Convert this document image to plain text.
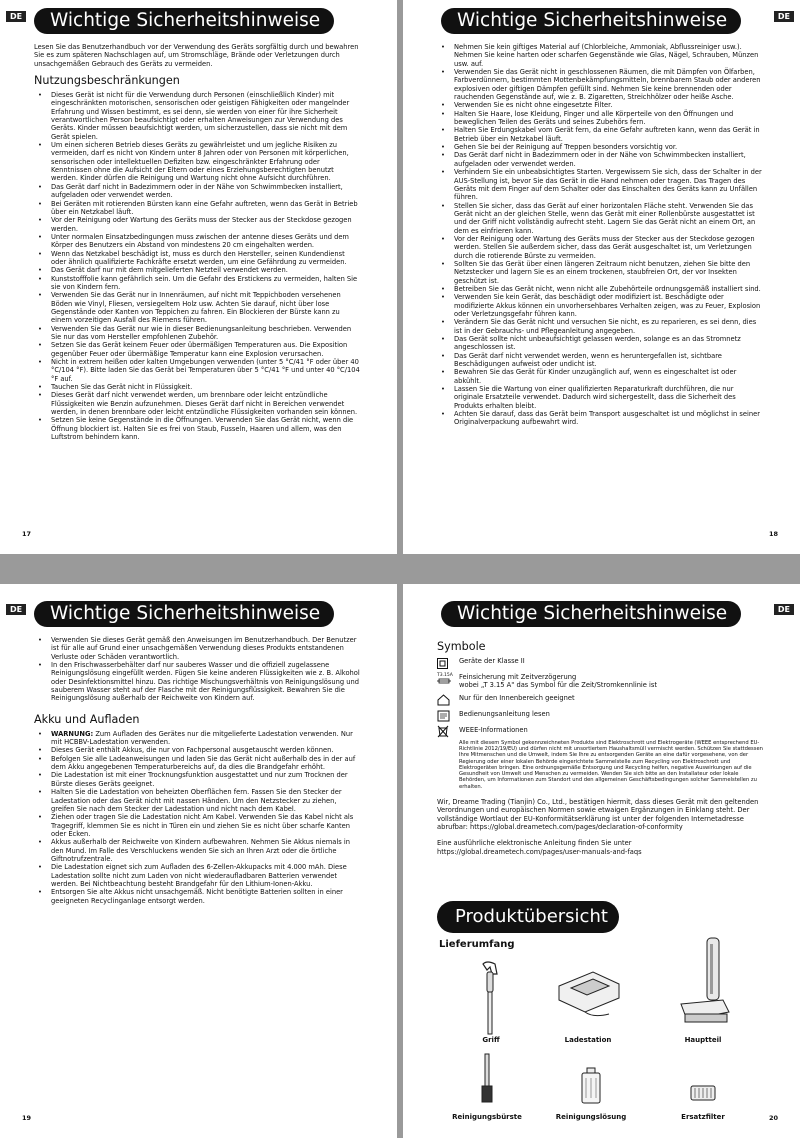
DE	Wichtige Sicherheitshinweise

Lesen Sie das Benutzerhandbuch vor der Verwendung des Geräts sorgfältig durch und bewahren Sie es zum späteren Nachschlagen auf, um Stromschläge, Brände oder Verletzungen durch unsachgemäßen Gebrauch des Geräts zu vermeiden.

Nutzungsbeschränkungen
• Dieses Gerät ist nicht für die Verwendung durch Personen (einschließlich Kinder) mit eingeschränkten motorischen, sensorischen oder geistigen Fähigkeiten oder mangelnder Erfahrung und Wissen bestimmt, es sei denn, sie werden von einer für ihre Sicherheit verantwortlichen Person beaufsichtigt oder erhalten Anweisungen zur Verwendung des Geräts. Kinder müssen beaufsichtigt werden, um sicherzustellen, dass sie nicht mit dem Gerät spielen.
• Um einen sicheren Betrieb dieses Geräts zu gewährleistet und um jegliche Risiken zu vermeiden, darf es nicht von Kindern unter 8 Jahren oder von Personen mit körperlichen, sensorischen oder intellektuellen Defiziten bzw. eingeschränkter Erfahrung oder Kenntnissen ohne die Aufsicht der Eltern oder eines Erziehungsberechtigten benutzt werden. Kinder dürfen die Reinigung und Wartung nicht ohne Aufsicht durchführen.
• Das Gerät darf nicht in Badezimmern oder in der Nähe von Schwimmbecken installiert, aufgeladen oder verwendet werden.
• Bei Geräten mit rotierenden Bürsten kann eine Gefahr auftreten, wenn das Gerät in Betrieb über ein Netzkabel läuft.
• Vor der Reinigung oder Wartung des Geräts muss der Stecker aus der Steckdose gezogen werden.
• Unter normalen Einsatzbedingungen muss zwischen der antenne dieses Geräts und dem Körper des Benutzers ein Abstand von mindestens 20 cm eingehalten werden.
• Wenn das Netzkabel beschädigt ist, muss es durch den Hersteller, seinen Kundendienst oder ähnlich qualifizierte Fachkräfte ersetzt werden, um eine Gefährdung zu vermeiden.
• Das Gerät darf nur mit dem mitgelieferten Netzteil verwendet werden.
• Kunststofffolie kann gefährlich sein. Um die Gefahr des Erstickens zu vermeiden, halten Sie sie von Kindern fern.
• Verwenden Sie das Gerät nur in Innenräumen, auf nicht mit Teppichboden versehenen Böden wie Vinyl, Fliesen, versiegeltem Holz usw. Achten Sie darauf, nicht über lose Gegenstände oder Kanten von Teppichen zu fahren. Ein Blockieren der Bürste kann zu einem vorzeitigen Ausfall des Riemens führen.
• Verwenden Sie das Gerät nur wie in dieser Bedienungsanleitung beschrieben. Verwenden Sie nur das vom Hersteller empfohlenen Zubehör.
• Setzen Sie das Gerät keinem Feuer oder übermäßigen Temperaturen aus. Die Exposition gegenüber Feuer oder übermäßige Temperatur kann eine Explosion verursachen.
• Nicht in extrem heißen oder kalten Umgebungen verwenden (unter 5 °C/41 °F oder über 40 °C/104 °F). Bitte laden Sie das Gerät bei Temperaturen über 5 °C/41 °F und unter 40 °C/104 °F auf.
• Tauchen Sie das Gerät nicht in Flüssigkeit.
• Dieses Gerät darf nicht verwendet werden, um brennbare oder leicht entzündliche Flüssigkeiten wie Benzin aufzunehmen. Dieses Gerät darf nicht in Bereichen verwendet werden, in denen brennbare oder leicht entzündliche Flüssigkeiten vorhanden sein können.
• Setzen Sie keine Gegenstände in die Öffnungen. Verwenden Sie das Gerät nicht, wenn die Öffnung blockiert ist. Halten Sie es frei von Staub, Fusseln, Haaren und allem, was den Luftstrom behindern kann.
17
DE
Wichtige Sicherheitshinweise
• Nehmen Sie kein giftiges Material auf (Chlorbleiche, Ammoniak, Abflussreiniger usw.). Nehmen Sie keine harten oder scharfen Gegenstände wie Glas, Nägel, Schrauben, Münzen usw. auf.
• Verwenden Sie das Gerät nicht in geschlossenen Räumen, die mit Dämpfen von Ölfarben, Farbverdünnern, bestimmten Mottenbekämpfungsmitteln, brennbarem Staub oder anderen explosiven oder giftigen Dämpfen gefüllt sind. Nehmen Sie keine brennenden oder rauchenden Gegenstände auf, wie z. B. Zigaretten, Streichhölzer oder heiße Asche.
• Verwenden Sie es nicht ohne eingesetzte Filter.
• Halten Sie Haare, lose Kleidung, Finger und alle Körperteile von den Öffnungen und beweglichen Teilen des Geräts und seines Zubehörs fern.
• Halten Sie Erdungskabel vom Gerät fern, da eine Gefahr auftreten kann, wenn das Gerät in Betrieb über ein Netzkabel läuft.
• Gehen Sie bei der Reinigung auf Treppen besonders vorsichtig vor.
• Das Gerät darf nicht in Badezimmern oder in der Nähe von Schwimmbecken installiert, aufgeladen oder verwendet werden.
• Verhindern Sie ein unbeabsichtigtes Starten. Vergewissern Sie sich, dass der Schalter in der AUS-Stellung ist, bevor Sie das Gerät in die Hand nehmen oder tragen. Das Tragen des Geräts mit dem Finger auf dem Schalter oder das Einschalten des Geräts kann zu Unfällen führen.
• Stellen Sie sicher, dass das Gerät auf einer horizontalen Fläche steht. Verwenden Sie das Gerät nicht an der gleichen Stelle, wenn das Gerät mit einer Rollenbürste ausgestattet ist und der Griff nicht vollständig aufrecht steht. Lagern Sie das Gerät nicht an einem Ort, an dem es einfrieren kann.
• Vor der Reinigung oder Wartung des Geräts muss der Stecker aus der Steckdose gezogen werden. Stellen Sie außerdem sicher, dass das Gerät ausgeschaltet ist, um Verletzungen durch die rotierende Bürste zu vermeiden.
• Sollten Sie das Gerät über einen längeren Zeitraum nicht benutzen, ziehen Sie bitte den Netzstecker und lagern Sie es an einem trockenen, staubfreien Ort, der vor Insekten geschützt ist.
• Betreiben Sie das Gerät nicht, wenn nicht alle Zubehörteile ordnungsgemäß installiert sind.
• Verwenden Sie kein Gerät, das beschädigt oder modifiziert ist. Beschädigte oder modifizierte Akkus können ein unvorhersehbares Verhalten zeigen, was zu Feuer, Explosion oder Verletzungsgefahr führen kann.
• Verändern Sie das Gerät nicht und versuchen Sie nicht, es zu reparieren, es sei denn, dies ist in der Gebrauchs- und Pflegeanleitung angegeben.
• Das Gerät sollte nicht unbeaufsichtigt gelassen werden, solange es an das Stromnetz angeschlossen ist.
• Das Gerät darf nicht verwendet werden, wenn es heruntergefallen ist, sichtbare Beschädigungen aufweist oder undicht ist.
• Bewahren Sie das Gerät für Kinder unzugänglich auf, wenn es eingeschaltet ist oder abkühlt.
• Lassen Sie die Wartung von einer qualifizierten Reparaturkraft durchführen, die nur originale Ersatzteile verwendet. Dadurch wird sichergestellt, dass die Sicherheit des Produkts erhalten bleibt.
• Achten Sie darauf, dass das Gerät beim Transport ausgeschaltet ist und möglichst in seiner Originalverpackung aufbewahrt wird.
18
DE	Wichtige Sicherheitshinweise
• Verwenden Sie dieses Gerät gemäß den Anweisungen im Benutzerhandbuch. Der Benutzer ist für alle auf Grund einer unsachgemäßen Verwendung dieses Produkts entstandenen Verluste oder Schäden verantwortlich.
• In den Frischwasserbehälter darf nur sauberes Wasser und die offiziell zugelassene Reinigungslösung eingefüllt werden. Fügen Sie keine anderen Flüssigkeiten wie z. B. Alkohol oder Desinfektionsmittel hinzu. Das richtige Mischungsverhältnis von Reinigungslösung und sauberem Wasser steht auf der Flasche mit der Reinigungsflüssigkeit. Bewahren Sie die Reinigungslösung außerhalb der Reichweite von Kindern auf.
Akku und Aufladen
• WARNUNG: Zum Aufladen des Gerätes nur die mitgelieferte Ladestation verwenden. Nur mit HCBBV-Ladestation verwenden.
• Dieses Gerät enthält Akkus, die nur von Fachpersonal ausgetauscht werden können.
• Befolgen Sie alle Ladeanweisungen und laden Sie das Gerät nicht außerhalb des in der auf dem Akku angegebenen Temperaturbereichs auf, da dies die Brandgefahr erhöht.
• Die Ladestation ist mit einer Trocknungsfunktion ausgestattet und nur zum Trocknen der Bürste dieses Geräts geeignet.
• Halten Sie die Ladestation von beheizten Oberflächen fern. Fassen Sie den Stecker der Ladestation oder das Gerät nicht mit nassen Händen. Um den Netzstecker zu ziehen, greifen Sie nach dem Stecker der Ladestation und nicht nach dem Kabel.
• Ziehen oder tragen Sie die Ladestation nicht Am Kabel. Verwenden Sie das Kabel nicht als Tragegriff, klemmen Sie es nicht in Türen ein und ziehen Sie es nicht über scharfe Kanten oder Ecken.
• Akkus außerhalb der Reichweite von Kindern aufbewahren. Nehmen Sie Akkus niemals in den Mund. Im Falle des Verschluckens wenden Sie sich an Ihren Arzt oder die örtliche Giftnotrufzentrale.
• Die Ladestation eignet sich zum Aufladen des 6-Zellen-Akkupacks mit 4.000 mAh. Diese Ladestation sollte nicht zum Laden von nicht wiederaufladbaren Batterien verwendet werden. Bei Nichtbeachtung besteht Brandgefahr für den Lithium-Ionen-Akku.
• Entsorgen Sie alte Akkus nicht unsachgemäß. Nicht benötigte Batterien sollten in einer geeigneten Recyclinganlage entsorgt werden.
19
DE
Wichtige Sicherheitshinweise
Symbole
Geräte der Klasse II
T3.15A Feinsicherung mit Zeitverzögerung
wobei „T 3.15 A" das Symbol für die Zeit/Stromkennlinie ist
Nur für den Innenbereich geeignet
Bedienungsanleitung lesen
WEEE-Informationen
Alle mit diesem Symbol gekennzeichneten Produkte sind Elektroschrott und Elektrogeräte (WEEE entsprechend EU-Richtlinie 2012/19/EU) und dürfen nicht mit unsortiertem Haushaltsmüll vermischt werden. Schützen Sie stattdessen Ihre Mitmenschen und die Umwelt, indem Sie Ihre zu entsorgenden Geräte an eine dafür vorgesehene, von der Regierung oder einer lokalen Behörde eingerichtete Sammelstelle zum Recycling von Elektroschrott und Elektrogeräten bringen. Eine ordnungsgemäße Entsorgung und Recycling helfen, negative Auswirkungen auf die Gesundheit von Umwelt und Menschen zu vermeiden. Wenden Sie sich bitte an den Installateur oder lokale Behörden, um Informationen zum Standort und den allgemeinen Geschäftsbedingungen solcher Sammelstellen zu erhalten.

Wir, Dreame Trading (Tianjin) Co., Ltd., bestätigen hiermit, dass dieses Gerät mit den geltenden Verordnungen und europäischen Normen sowie etwaigen Ergänzungen in Einklang steht. Der vollständige Wortlaut der EU-Konformitätserklärung ist unter der folgenden Internetadresse abrufbar: https://global.dreametech.com/pages/declaration-of-conformity

Eine ausführliche elektronische Anleitung finden Sie unter https://global.dreametech.com/pages/user-manuals-and-faqs

Produktübersicht
Lieferumfang
Griff	Ladestation	Hauptteil
Reinigungsbürste	Reinigungslösung	Ersatzfilter	20
